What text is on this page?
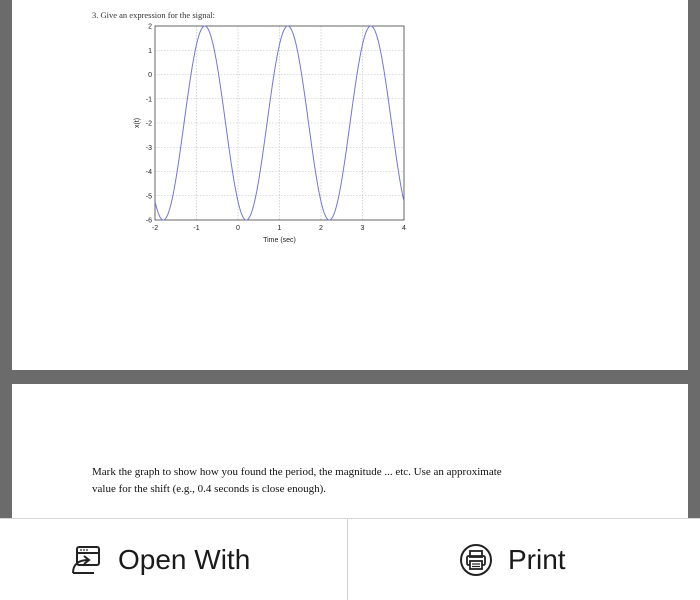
3. Give an expression for the signal:
-2	-1	0	1	2	3	4
2
1
0
-1
-2
-3
-4
-5
-6
Time (sec)
x(t)
Mark the graph to show how you found the period, the magnitude ... etc. Use an approximate
value for the shift (e.g., 0.4 seconds is close enough).
Open With	Print
